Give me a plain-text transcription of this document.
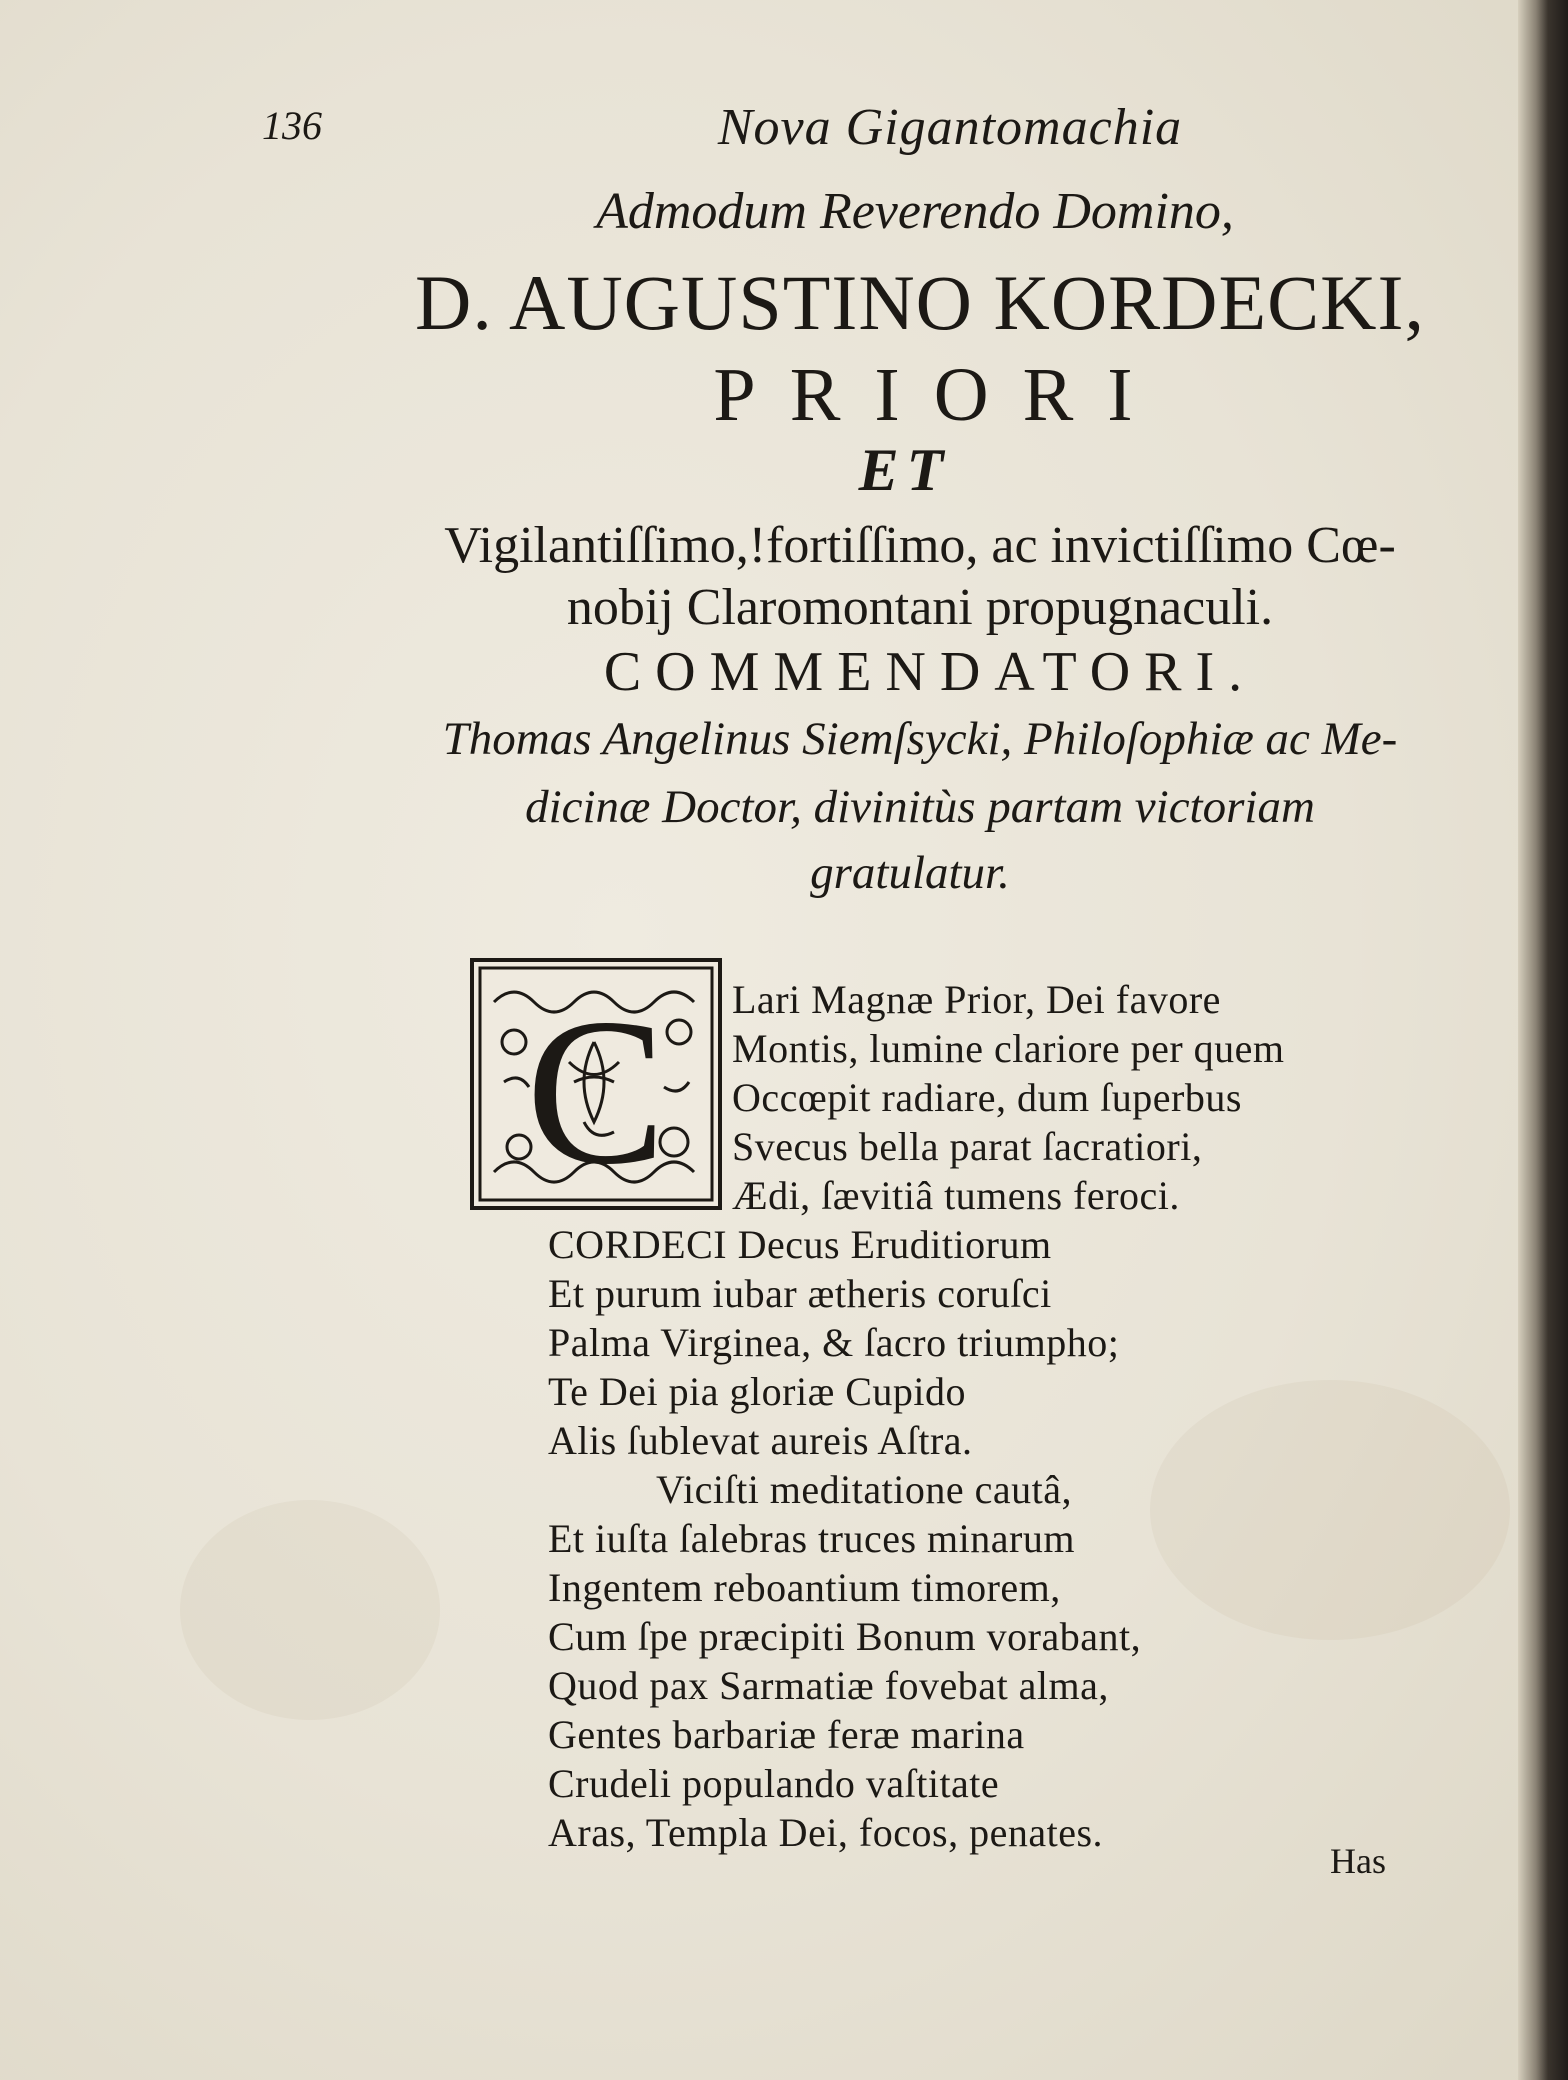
136	Nova Gigantomachia
Admodum Reverendo Domino,
D. AUGUSTINO KORDECKI,
PRIORI
ET
Vigilantiſſimo,!fortiſſimo, ac invictiſſimo Cœ-
nobij Claromontani propugnaculi.
COMMENDATORI.
Thomas Angelinus Siemſsycki, Philoſophiæ ac Me-
dicinæ Doctor, divinitùs partam victoriam
gratulatur.
C Lari Magnæ Prior, Dei favore
Montis, lumine clariore per quem
Occœpit radiare, dum ſuperbus
Svecus bella parat ſacratiori,
Ædi, ſævitiâ tumens feroci.
CORDECI Decus Eruditiorum
Et purum iubar ætheris coruſci
Palma Virginea, & ſacro triumpho;
Te Dei pia gloriæ Cupido
Alis ſublevat aureis Aſtra.
Viciſti meditatione cautâ,
Et iuſta ſalebras truces minarum
Ingentem reboantium timorem,
Cum ſpe præcipiti Bonum vorabant,
Quod pax Sarmatiæ fovebat alma,
Gentes barbariæ feræ marina
Crudeli populando vaſtitate
Aras, Templa Dei, focos, penates.
Has
